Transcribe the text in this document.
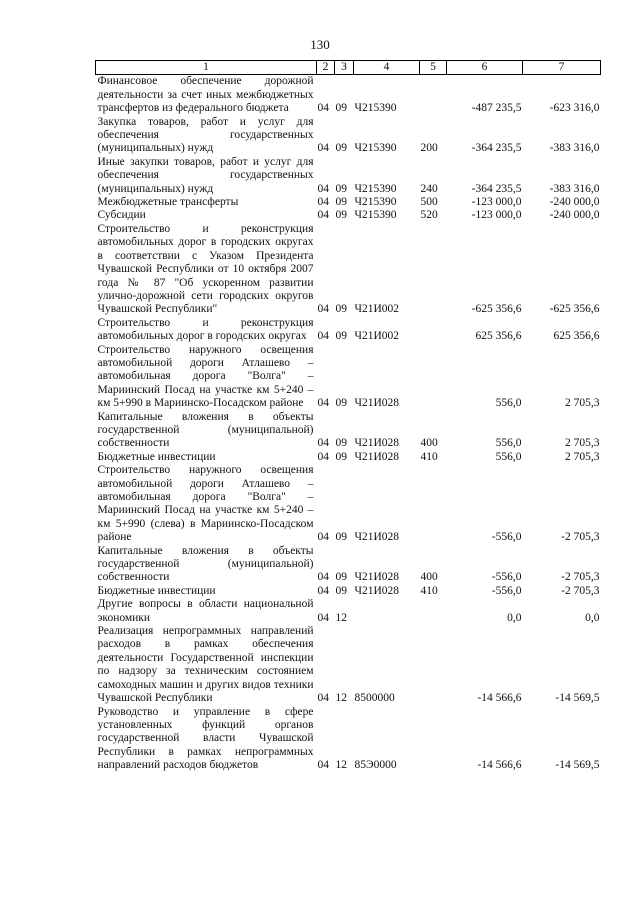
130
1	2	3	4	5	6	7
Финансовое обеспечение дорожной деятельности за счет иных межбюджетных трансфертов из федерального бюджета	04	09	Ч215390		-487 235,5	-623 316,0
Закупка товаров, работ и услуг для обеспечения государственных (муниципальных) нужд	04	09	Ч215390	200	-364 235,5	-383 316,0
Иные закупки товаров, работ и услуг для обеспечения государственных (муниципальных) нужд	04	09	Ч215390	240	-364 235,5	-383 316,0
Межбюджетные трансферты	04	09	Ч215390	500	-123 000,0	-240 000,0
Субсидии	04	09	Ч215390	520	-123 000,0	-240 000,0
Строительство и реконструкция автомобильных дорог в городских округах в соответствии с Указом Президента Чувашской Республики от 10 октября 2007 года № 87 "Об ускоренном развитии улично-дорожной сети городских округов Чувашской Республики"	04	09	Ч21И002		-625 356,6	-625 356,6
Строительство и реконструкция автомобильных дорог в городских округах	04	09	Ч21И002		625 356,6	625 356,6
Строительство наружного освещения автомобильной дороги Атлашево – автомобильная дорога "Волга" – Мариинский Посад на участке км 5+240 – км 5+990 в Мариинско-Посадском районе	04	09	Ч21И028		556,0	2 705,3
Капитальные вложения в объекты государственной (муниципальной) собственности	04	09	Ч21И028	400	556,0	2 705,3
Бюджетные инвестиции	04	09	Ч21И028	410	556,0	2 705,3
Строительство наружного освещения автомобильной дороги Атлашево – автомобильная дорога "Волга" – Мариинский Посад на участке км 5+240 – км 5+990 (слева) в Мариинско-Посадском районе	04	09	Ч21И028		-556,0	-2 705,3
Капитальные вложения в объекты государственной (муниципальной) собственности	04	09	Ч21И028	400	-556,0	-2 705,3
Бюджетные инвестиции	04	09	Ч21И028	410	-556,0	-2 705,3
Другие вопросы в области национальной экономики	04	12			0,0	0,0
Реализация непрограммных направлений расходов в рамках обеспечения деятельности Государственной инспекции по надзору за техническим состоянием самоходных машин и других видов техники Чувашской Республики	04	12	8500000		-14 566,6	-14 569,5
Руководство и управление в сфере установленных функций органов государственной власти Чувашской Республики в рамках непрограммных направлений расходов бюджетов	04	12	85Э0000		-14 566,6	-14 569,5
